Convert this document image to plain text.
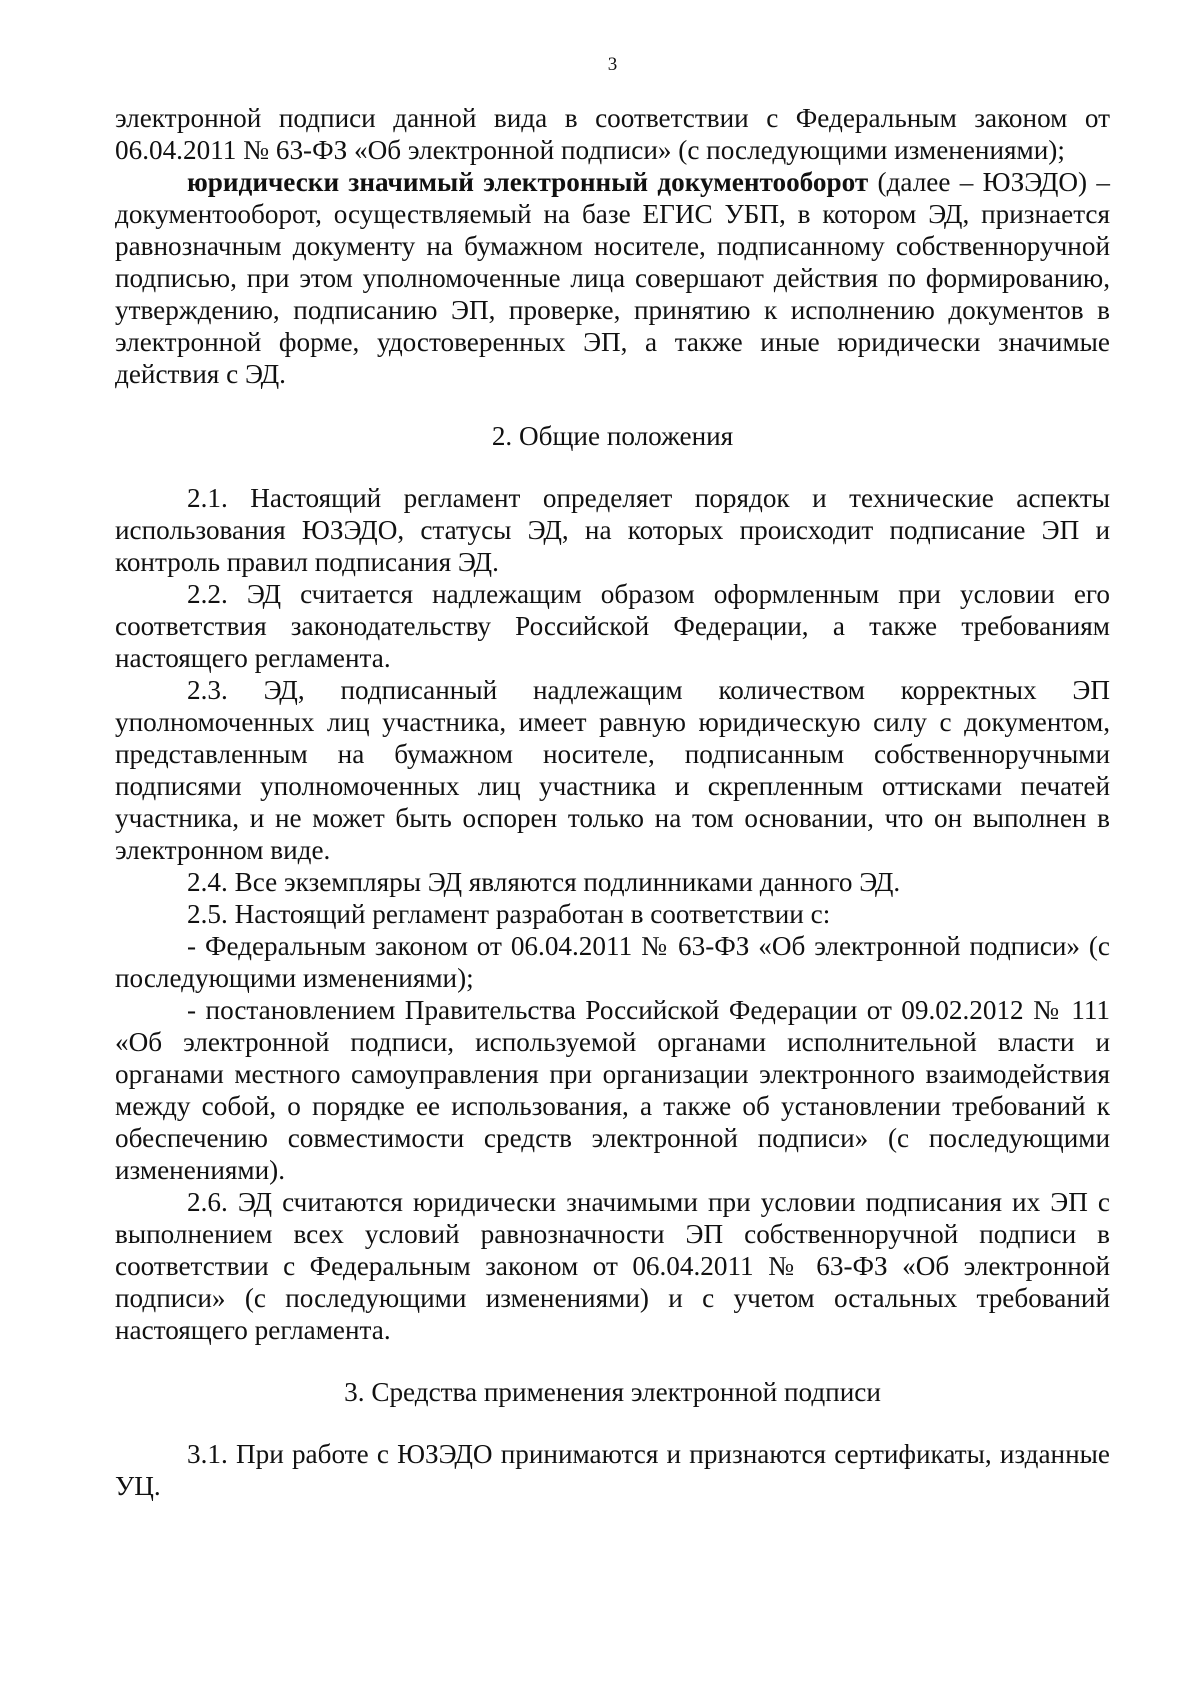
3

электронной подписи данной вида в соответствии с Федеральным законом от 06.04.2011 № 63-ФЗ «Об электронной подписи» (с последующими изменениями);

юридически значимый электронный документооборот (далее – ЮЗЭДО) – документооборот, осуществляемый на базе ЕГИС УБП, в котором ЭД, признается равнозначным документу на бумажном носителе, подписанному собственноручной подписью, при этом уполномоченные лица совершают действия по формированию, утверждению, подписанию ЭП, проверке, принятию к исполнению документов в электронной форме, удостоверенных ЭП, а также иные юридически значимые действия с ЭД.

2. Общие положения

2.1. Настоящий регламент определяет порядок и технические аспекты использования ЮЗЭДО, статусы ЭД, на которых происходит подписание ЭП и контроль правил подписания ЭД.

2.2. ЭД считается надлежащим образом оформленным при условии его соответствия законодательству Российской Федерации, а также требованиям настоящего регламента.

2.3. ЭД, подписанный надлежащим количеством корректных ЭП уполномоченных лиц участника, имеет равную юридическую силу с документом, представленным на бумажном носителе, подписанным собственноручными подписями уполномоченных лиц участника и скрепленным оттисками печатей участника, и не может быть оспорен только на том основании, что он выполнен в электронном виде.

2.4. Все экземпляры ЭД являются подлинниками данного ЭД.

2.5. Настоящий регламент разработан в соответствии с:

- Федеральным законом от 06.04.2011 № 63-ФЗ «Об электронной подписи» (с последующими изменениями);

- постановлением Правительства Российской Федерации от 09.02.2012 № 111 «Об электронной подписи, используемой органами исполнительной власти и органами местного самоуправления при организации электронного взаимодействия между собой, о порядке ее использования, а также об установлении требований к обеспечению совместимости средств электронной подписи» (с последующими изменениями).

2.6. ЭД считаются юридически значимыми при условии подписания их ЭП с выполнением всех условий равнозначности ЭП собственноручной подписи в соответствии с Федеральным законом от 06.04.2011 № 63-ФЗ «Об электронной подписи» (с последующими изменениями) и с учетом остальных требований настоящего регламента.

3. Средства применения электронной подписи

3.1. При работе с ЮЗЭДО принимаются и признаются сертификаты, изданные УЦ.
